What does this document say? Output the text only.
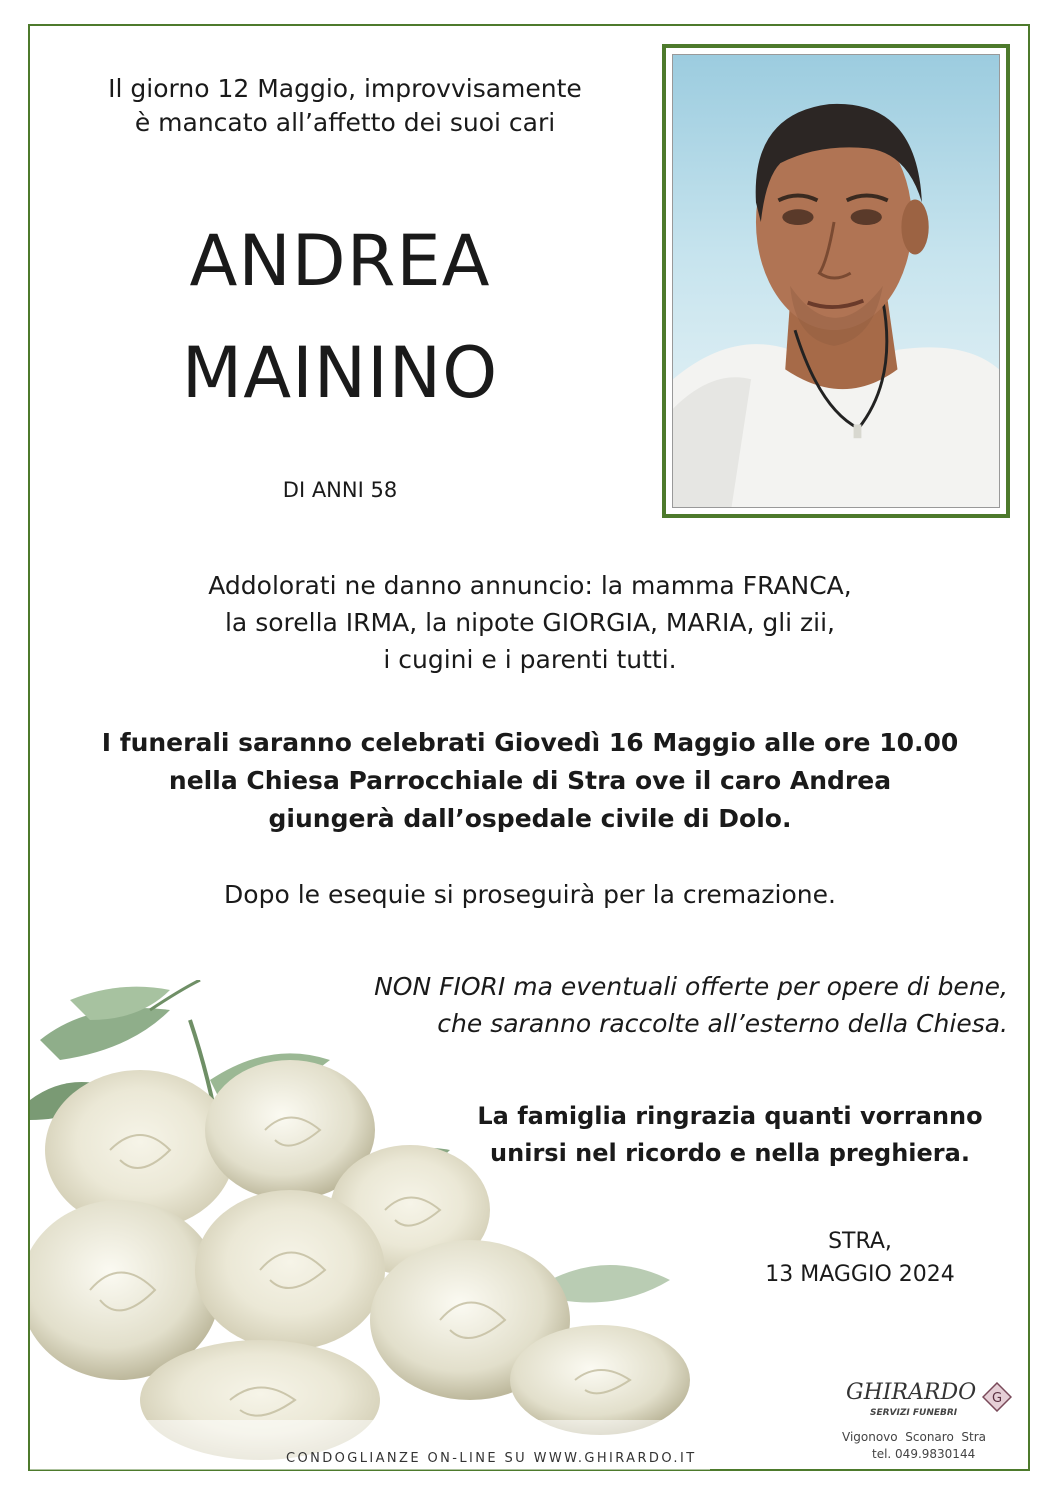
Il giorno 12 Maggio, improvvisamente
è mancato all’affetto dei suoi cari
ANDREA
MAININO
DI ANNI 58
Addolorati ne danno annuncio: la mamma FRANCA,
la sorella IRMA, la nipote GIORGIA, MARIA, gli zii,
i cugini e i parenti tutti.
I funerali saranno celebrati Giovedì 16 Maggio alle ore 10.00
nella Chiesa Parrocchiale di Stra ove il caro Andrea
giungerà dall’ospedale civile di Dolo.
Dopo le esequie si proseguirà per la cremazione.
NON FIORI ma eventuali offerte per opere di bene,
che saranno raccolte all’esterno della Chiesa.
La famiglia ringrazia quanti vorranno
unirsi nel ricordo e nella preghiera.
STRA,
13 MAGGIO 2024
GHIRARDO
SERVIZI FUNEBRI
G
Vigonovo  Sconaro  Stra
tel. 049.9830144
CONDOGLIANZE ON-LINE SU WWW.GHIRARDO.IT
